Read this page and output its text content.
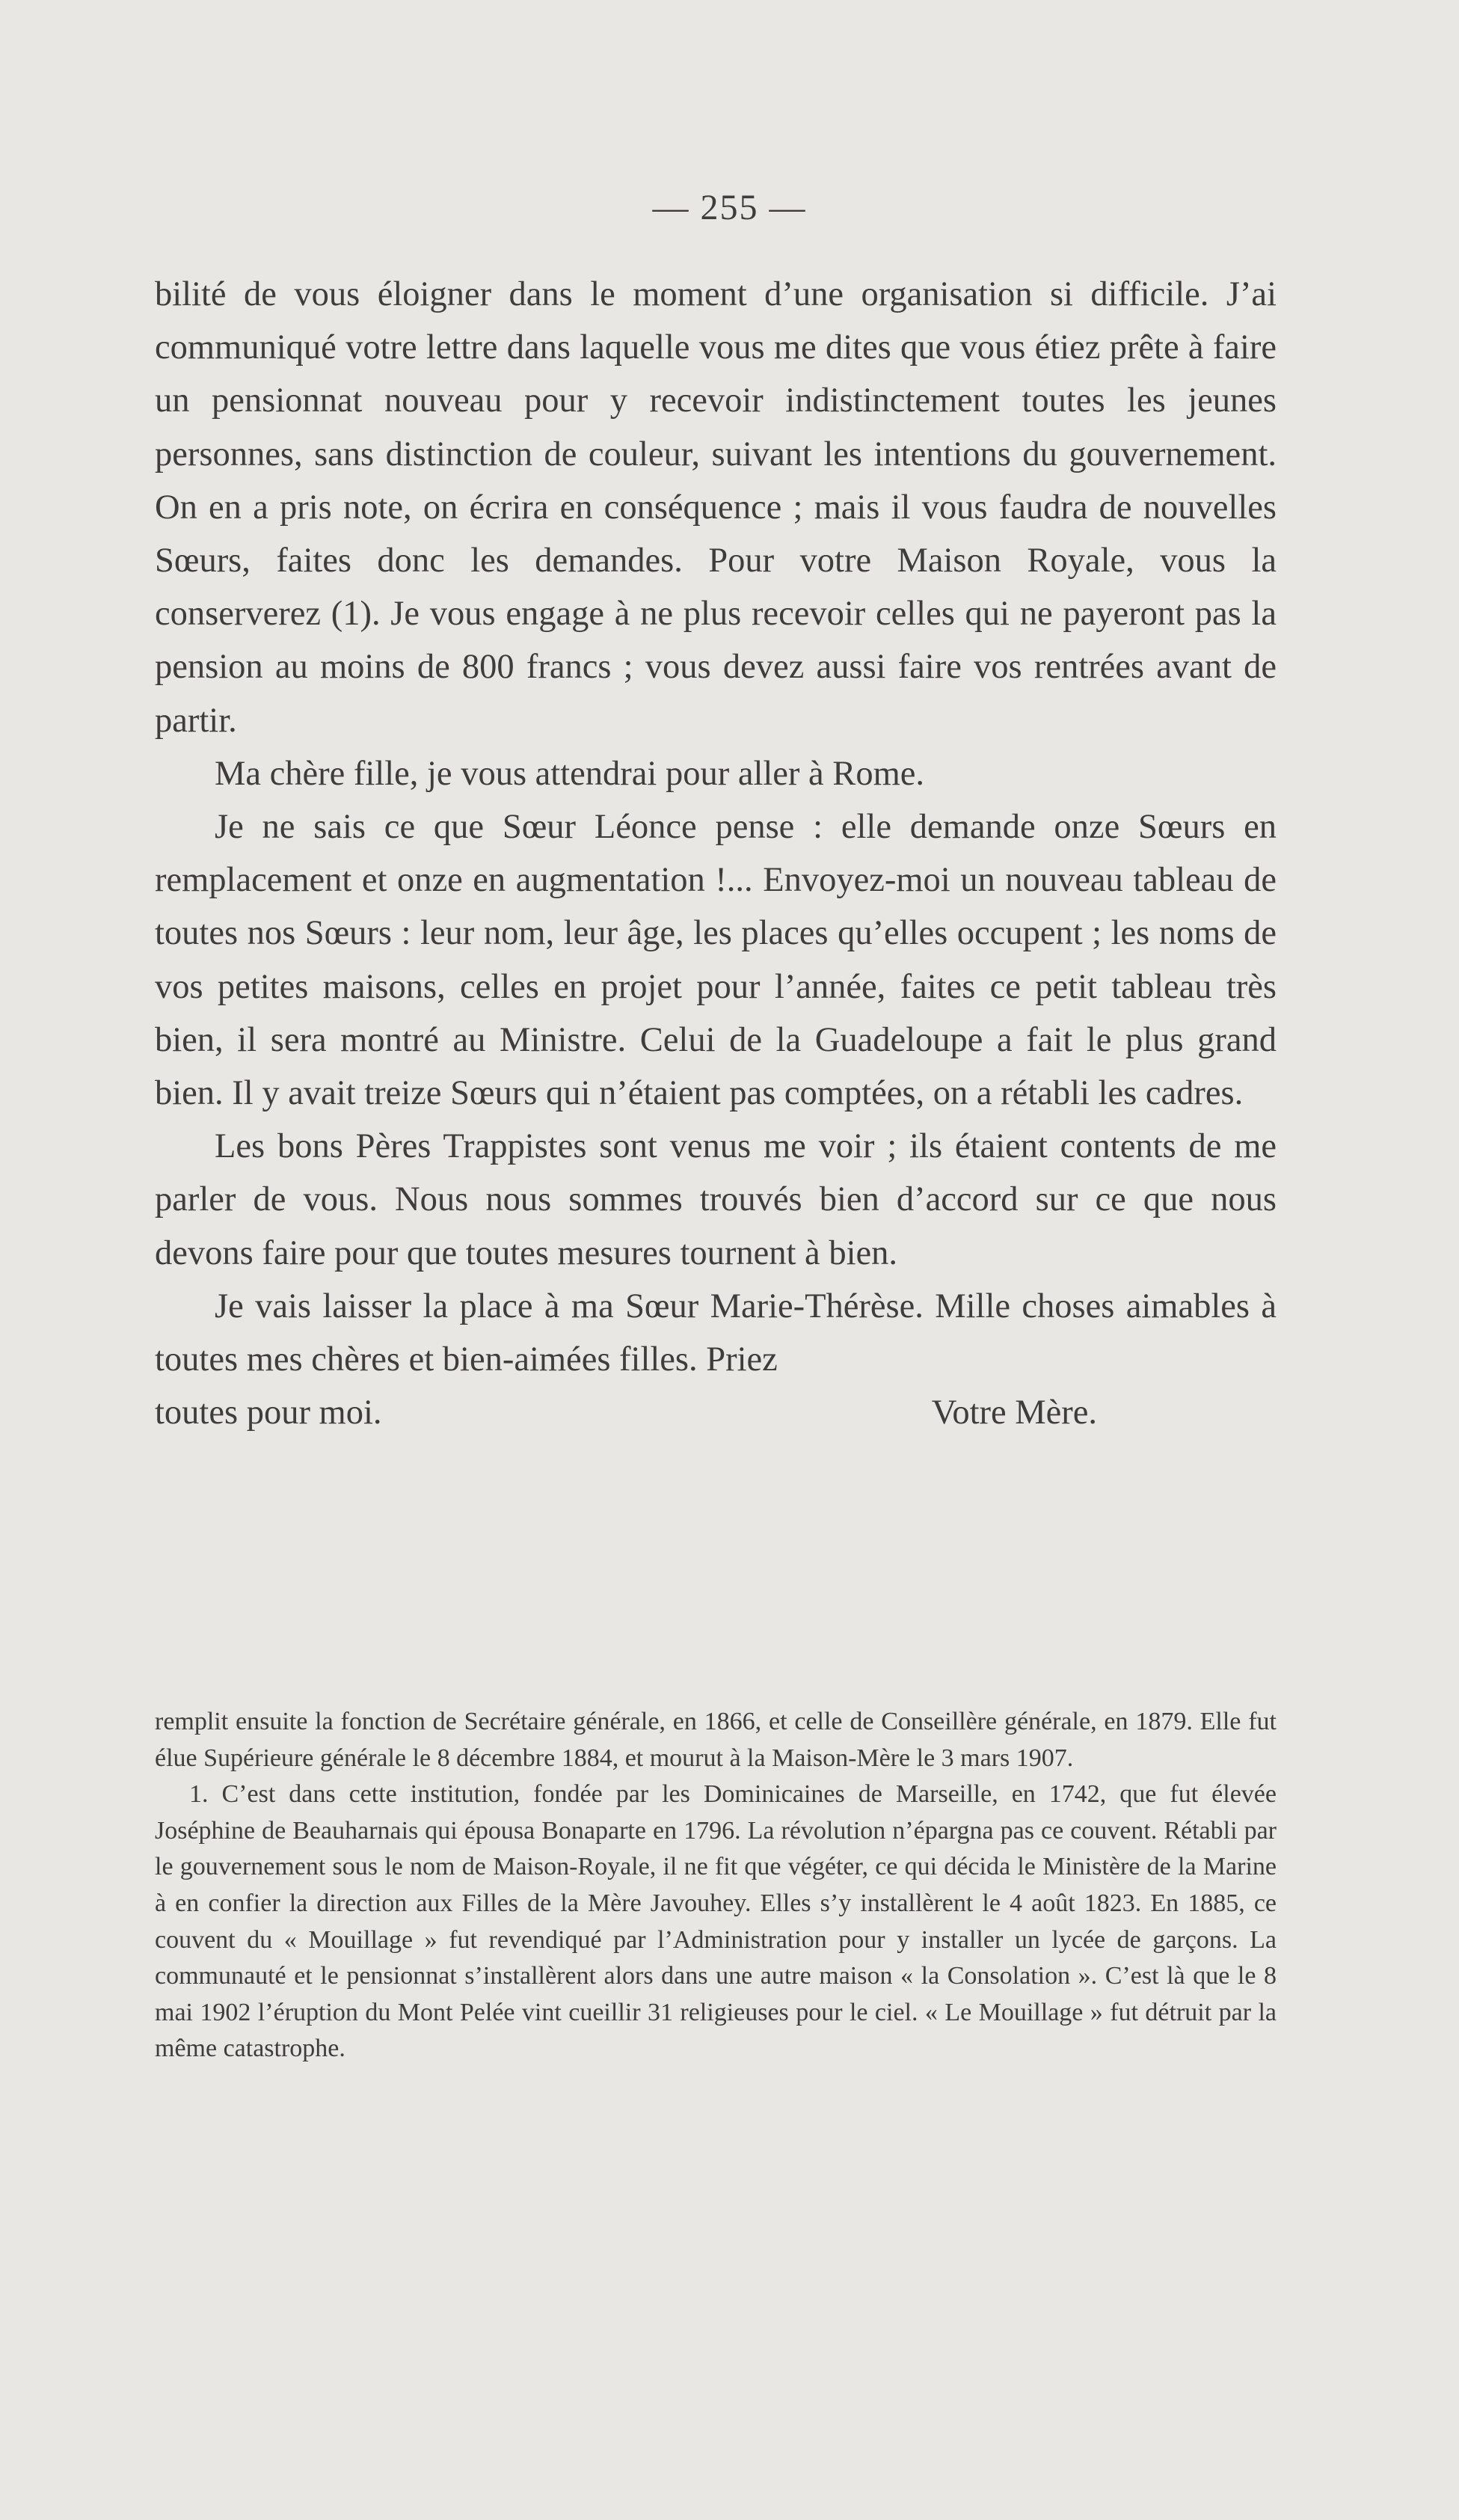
— 255 —

bilité de vous éloigner dans le moment d’une organisation si difficile. J’ai communiqué votre lettre dans laquelle vous me dites que vous étiez prête à faire un pensionnat nouveau pour y recevoir indistinctement toutes les jeunes personnes, sans distinction de couleur, suivant les intentions du gouvernement. On en a pris note, on écrira en conséquence ; mais il vous faudra de nouvelles Sœurs, faites donc les demandes. Pour votre Maison Royale, vous la conserverez (1). Je vous engage à ne plus recevoir celles qui ne payeront pas la pension au moins de 800 francs ; vous devez aussi faire vos rentrées avant de partir.

Ma chère fille, je vous attendrai pour aller à Rome.

Je ne sais ce que Sœur Léonce pense : elle demande onze Sœurs en remplacement et onze en augmentation !... Envoyez-moi un nouveau tableau de toutes nos Sœurs : leur nom, leur âge, les places qu’elles occupent ; les noms de vos petites maisons, celles en projet pour l’année, faites ce petit tableau très bien, il sera montré au Ministre. Celui de la Guadeloupe a fait le plus grand bien. Il y avait treize Sœurs qui n’étaient pas comptées, on a rétabli les cadres.

Les bons Pères Trappistes sont venus me voir ; ils étaient contents de me parler de vous. Nous nous sommes trouvés bien d’accord sur ce que nous devons faire pour que toutes mesures tournent à bien.

Je vais laisser la place à ma Sœur Marie-Thérèse. Mille choses aimables à toutes mes chères et bien-aimées filles. Priez

toutes pour moi.	Votre Mère.

remplit ensuite la fonction de Secrétaire générale, en 1866, et celle de Conseillère générale, en 1879. Elle fut élue Supérieure générale le 8 décembre 1884, et mourut à la Maison-Mère le 3 mars 1907.

1. C’est dans cette institution, fondée par les Dominicaines de Marseille, en 1742, que fut élevée Joséphine de Beauharnais qui épousa Bonaparte en 1796. La révolution n’épargna pas ce couvent. Rétabli par le gouvernement sous le nom de Maison-Royale, il ne fit que végéter, ce qui décida le Ministère de la Marine à en confier la direction aux Filles de la Mère Javouhey. Elles s’y installèrent le 4 août 1823. En 1885, ce couvent du « Mouillage » fut revendiqué par l’Administration pour y installer un lycée de garçons. La communauté et le pensionnat s’installèrent alors dans une autre maison « la Consolation ». C’est là que le 8 mai 1902 l’éruption du Mont Pelée vint cueillir 31 religieuses pour le ciel. « Le Mouillage » fut détruit par la même catastrophe.
